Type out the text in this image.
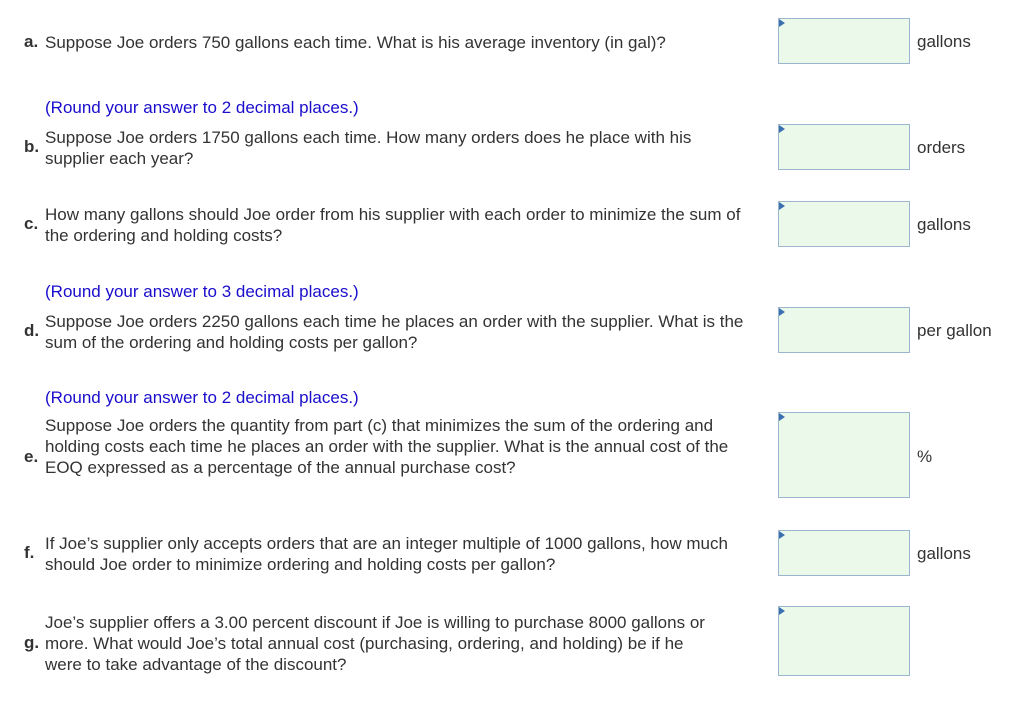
a. Suppose Joe orders 750 gallons each time. What is his average inventory (in gal)?	gallons
(Round your answer to 2 decimal places.)
b. Suppose Joe orders 1750 gallons each time. How many orders does he place with his supplier each year?
orders
c. How many gallons should Joe order from his supplier with each order to minimize the sum of the ordering and holding costs?
gallons
(Round your answer to 3 decimal places.)
d. Suppose Joe orders 2250 gallons each time he places an order with the supplier. What is the sum of the ordering and holding costs per gallon?
per gallon
(Round your answer to 2 decimal places.)
e.
Suppose Joe orders the quantity from part (c) that minimizes the sum of the ordering and holding costs each time he places an order with the supplier. What is the annual cost of the EOQ expressed as a percentage of the annual purchase cost?
%
f. If Joe’s supplier only accepts orders that are an integer multiple of 1000 gallons, how much should Joe order to minimize ordering and holding costs per gallon?
gallons
g.
Joe’s supplier offers a 3.00 percent discount if Joe is willing to purchase 8000 gallons or more. What would Joe’s total annual cost (purchasing, ordering, and holding) be if he were to take advantage of the discount?
